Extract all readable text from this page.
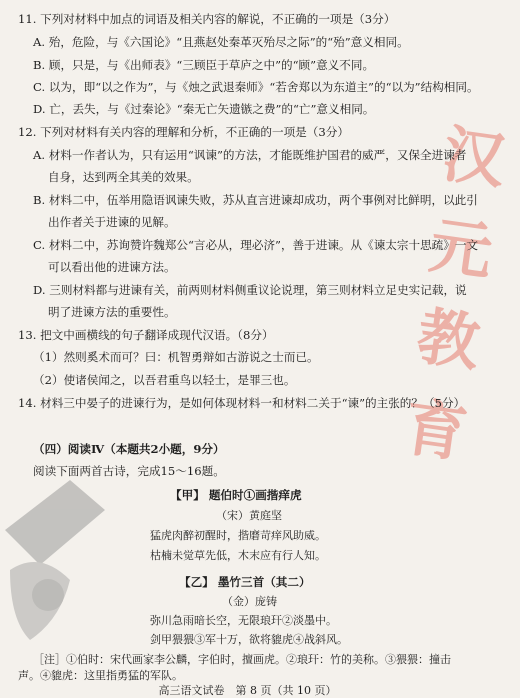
汉元教育
11. 下列对材料中加点的词语及相关内容的解说，不正确的一项是（3分）
A. 殆，危险，与《六国论》“且燕赵处秦革灭殆尽之际”的“殆”意义相同。
B. 顾，只是，与《出师表》“三顾臣于草庐之中”的“顾”意义不同。
C. 以为，即“以之作为”，与《烛之武退秦师》“若舍郑以为东道主”的“以为”结构相同。
D. 亡，丢失，与《过秦论》“秦无亡矢遗镞之费”的“亡”意义相同。
12. 下列对材料有关内容的理解和分析，不正确的一项是（3分）
A. 材料一作者认为，只有运用“讽谏”的方法，才能既维护国君的威严，又保全进谏者
自身，达到两全其美的效果。
B. 材料二中，伍举用隐语讽谏失败，苏从直言进谏却成功，两个事例对比鲜明，以此引
出作者关于进谏的见解。
C. 材料二中，苏询赞许魏郑公“言必从，理必济”，善于进谏。从《谏太宗十思疏》一文
可以看出他的进谏方法。
D. 三则材料都与进谏有关，前两则材料侧重议论说理，第三则材料立足史实记载，说
明了进谏方法的重要性。
13. 把文中画横线的句子翻译成现代汉语。（8分）
（1）然则奚术而可？曰：机智勇辩如古游说之士而已。
（2）使诸侯闻之，以吾君重鸟以轻士，是罪三也。
14. 材料三中晏子的进谏行为，是如何体现材料一和材料二关于“谏”的主张的？（5分）
（四）阅读Ⅳ（本题共2小题，9分）
阅读下面两首古诗，完成15～16题。
【甲】 题伯时①画揩痒虎
（宋）黄庭坚
猛虎肉醉初醒时，揩磨苛痒风助威。
枯楠未觉草先低，木末应有行人知。
【乙】 墨竹三首（其二）
（金）庞铸
弥川急雨暗长空，无限琅玕②淡墨中。
剑甲猥猥③军十万，欲将貔虎④战斜风。
［注］①伯时：宋代画家李公麟，字伯时，擅画虎。②琅玕：竹的美称。③猥猥：撞击
声。④貔虎：这里指勇猛的军队。
高三语文试卷　第 8 页（共 10 页）
